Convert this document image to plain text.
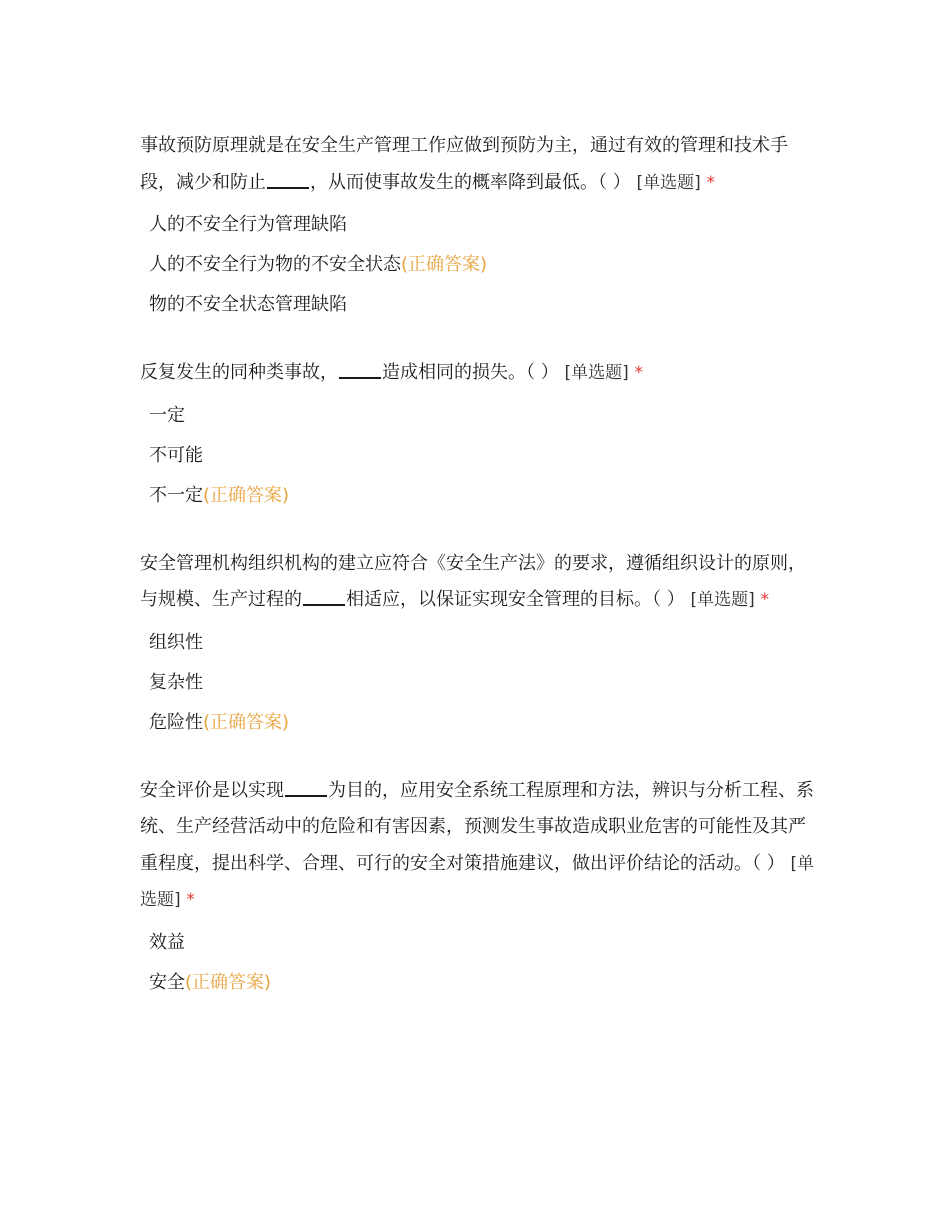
事故预防原理就是在安全生产管理工作应做到预防为主，通过有效的管理和技术手段，减少和防止 ，从而使事故发生的概率降到最低。（ ） [单选题] *

人的不安全行为管理缺陷
人的不安全行为物的不安全状态(正确答案)
物的不安全状态管理缺陷

反复发生的同种类事故， 造成相同的损失。（ ） [单选题] *

一定
不可能
不一定(正确答案)

安全管理机构组织机构的建立应符合《安全生产法》的要求，遵循组织设计的原则，与规模、生产过程的 相适应，以保证实现安全管理的目标。（ ） [单选题] *

组织性
复杂性
危险性(正确答案)

安全评价是以实现 为目的，应用安全系统工程原理和方法，辨识与分析工程、系统、生产经营活动中的危险和有害因素，预测发生事故造成职业危害的可能性及其严重程度，提出科学、合理、可行的安全对策措施建议，做出评价结论的活动。（ ） [单选题] *

效益
安全(正确答案)
